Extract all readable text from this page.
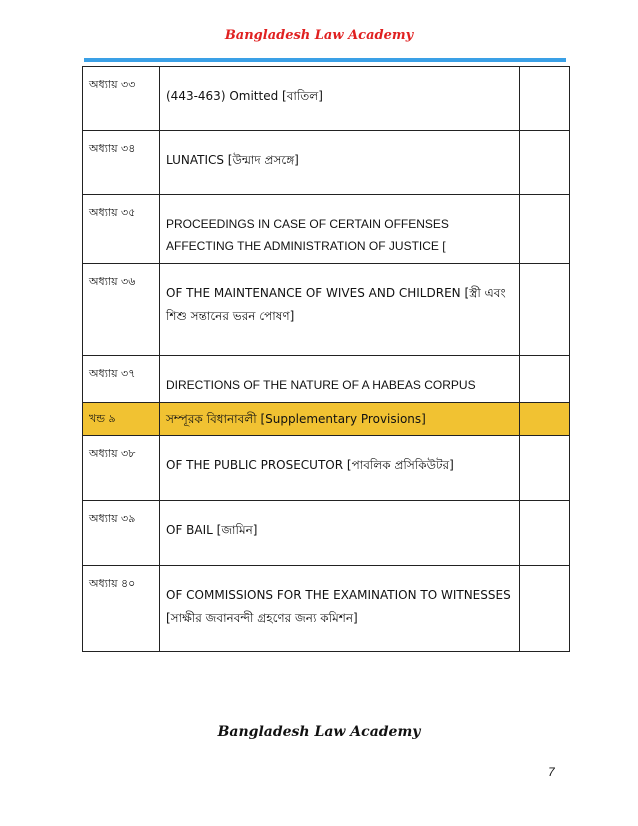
Bangladesh Law Academy
অধ্যায় ৩৩	(443-463) Omitted [বাতিল]	
অধ্যায় ৩৪	LUNATICS [উন্মাদ প্রসঙ্গে]	
অধ্যায় ৩৫	PROCEEDINGS IN CASE OF CERTAIN OFFENSES AFFECTING THE ADMINISTRATION OF JUSTICE [	
অধ্যায় ৩৬	OF THE MAINTENANCE OF WIVES AND CHILDREN [স্ত্রী এবং শিশু সন্তানের ভরন পোষণ]	
অধ্যায় ৩৭	DIRECTIONS OF THE NATURE OF A HABEAS CORPUS	
খন্ড ৯	সম্পূরক বিধানাবলী [Supplementary Provisions]	
অধ্যায় ৩৮	OF THE PUBLIC PROSECUTOR [পাবলিক প্রসিকিউটর]	
অধ্যায় ৩৯	OF BAIL [জামিন]	
অধ্যায় ৪০	OF COMMISSIONS FOR THE EXAMINATION TO WITNESSES [সাক্ষীর জবানবন্দী গ্রহণের জন্য কমিশন]	
Bangladesh Law Academy
7
